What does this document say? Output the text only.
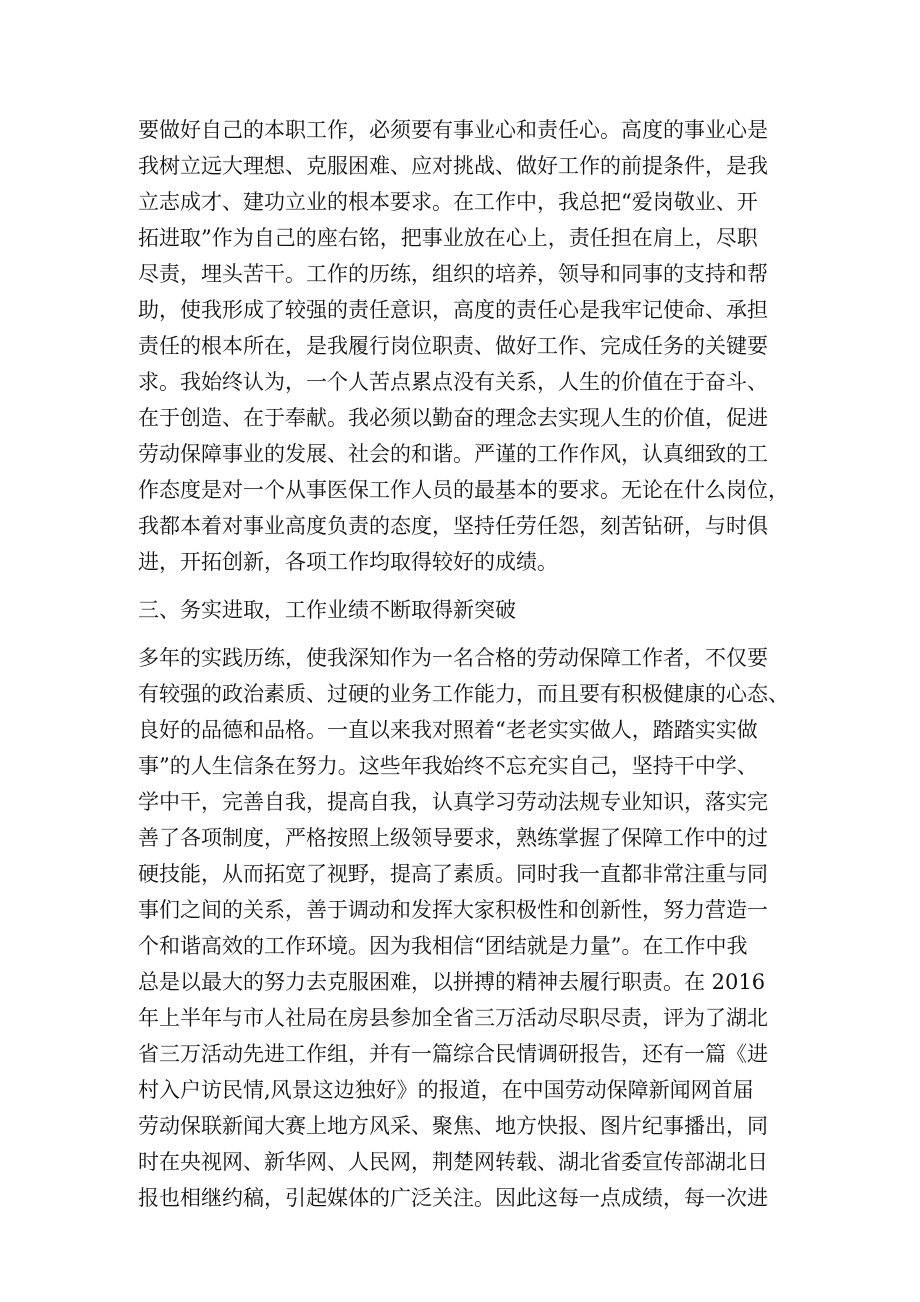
要做好自己的本职工作，必须要有事业心和责任心。高度的事业心是
我树立远大理想、克服困难、应对挑战、做好工作的前提条件，是我
立志成才、建功立业的根本要求。在工作中，我总把“爱岗敬业、开
拓进取”作为自己的座右铭，把事业放在心上，责任担在肩上，尽职
尽责，埋头苦干。工作的历练，组织的培养，领导和同事的支持和帮
助，使我形成了较强的责任意识，高度的责任心是我牢记使命、承担
责任的根本所在，是我履行岗位职责、做好工作、完成任务的关键要
求。我始终认为，一个人苦点累点没有关系，人生的价值在于奋斗、
在于创造、在于奉献。我必须以勤奋的理念去实现人生的价值，促进
劳动保障事业的发展、社会的和谐。严谨的工作作风，认真细致的工
作态度是对一个从事医保工作人员的最基本的要求。无论在什么岗位，
我都本着对事业高度负责的态度，坚持任劳任怨，刻苦钻研，与时俱
进，开拓创新，各项工作均取得较好的成绩。
三、务实进取，工作业绩不断取得新突破
多年的实践历练，使我深知作为一名合格的劳动保障工作者，不仅要
有较强的政治素质、过硬的业务工作能力，而且要有积极健康的心态、
良好的品德和品格。一直以来我对照着“老老实实做人，踏踏实实做
事”的人生信条在努力。这些年我始终不忘充实自己，坚持干中学、
学中干，完善自我，提高自我，认真学习劳动法规专业知识，落实完
善了各项制度，严格按照上级领导要求，熟练掌握了保障工作中的过
硬技能，从而拓宽了视野，提高了素质。同时我一直都非常注重与同
事们之间的关系，善于调动和发挥大家积极性和创新性，努力营造一
个和谐高效的工作环境。因为我相信“团结就是力量”。在工作中我
总是以最大的努力去克服困难，以拼搏的精神去履行职责。在 2016
年上半年与市人社局在房县参加全省三万活动尽职尽责，评为了湖北
省三万活动先进工作组，并有一篇综合民情调研报告，还有一篇《进
村入户访民情,风景这边独好》的报道，在中国劳动保障新闻网首届
劳动保联新闻大赛上地方风采、聚焦、地方快报、图片纪事播出，同
时在央视网、新华网、人民网，荆楚网转载、湖北省委宣传部湖北日
报也相继约稿，引起媒体的广泛关注。因此这每一点成绩，每一次进
